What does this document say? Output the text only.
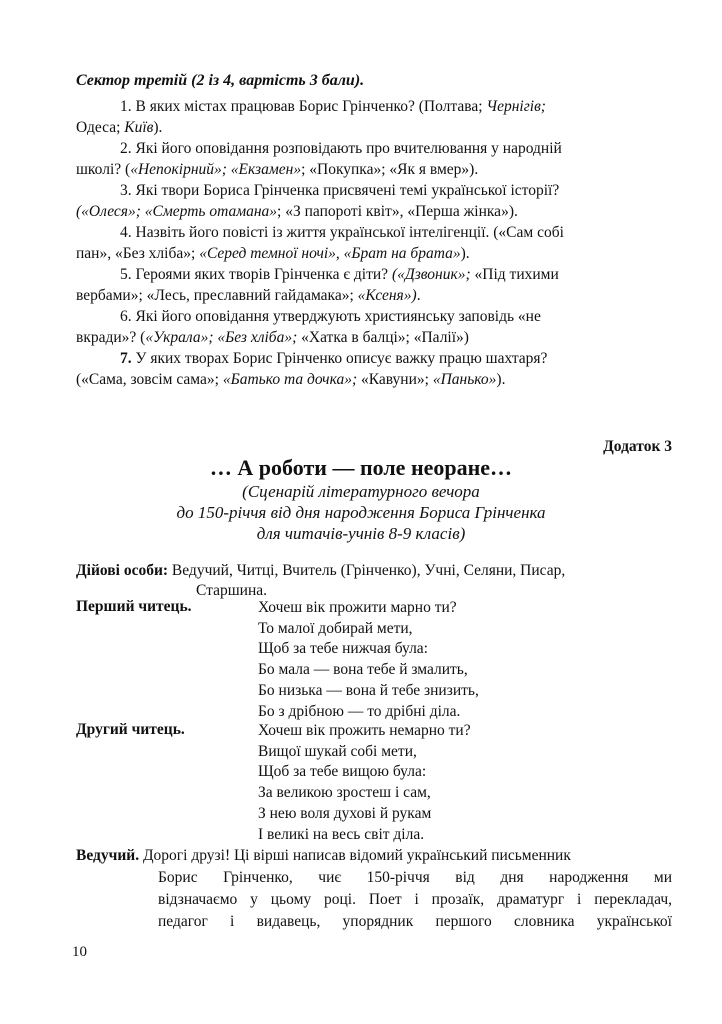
Сектор третій (2 із 4, вартість 3 бали).
1. В яких містах працював Борис Грінченко? (Полтава; Чернігів;
Одеса; Київ).
2. Які його оповідання розповідають про вчителювання у народній
школі? («Непокірний»; «Екзамен»; «Покупка»; «Як я вмер»).
3. Які твори Бориса Грінченка присвячені темі української історії?
(«Олеся»; «Смерть отамана»; «З папороті квіт», «Перша жінка»).
4. Назвіть його повісті із життя української інтелігенції. («Сам собі
пан», «Без хліба»; «Серед темної ночі», «Брат на брата»).
5. Героями яких творів Грінченка є діти? («Дзвоник»; «Під тихими
вербами»; «Лесь, преславний гайдамака»; «Ксеня»).
6. Які його оповідання утверджують християнську заповідь «не
вкради»? («Украла»; «Без хліба»; «Хатка в балці»; «Палії»)
7. У яких творах Борис Грінченко описує важку працю шахтаря?
(«Сама, зовсім сама»; «Батько та дочка»; «Кавуни»; «Панько»).
Додаток 3
… А роботи — поле неоране…
(Сценарій літературного вечора
до 150-річчя від дня народження Бориса Грінченка
для читачів-учнів 8-9 класів)
Дійові особи: Ведучий, Читці, Вчитель (Грінченко), Учні, Селяни, Писар,
Старшина.
Перший читець.	Хочеш вік прожити марно ти?
То малої добирай мети,
Щоб за тебе нижчая була:
Бо мала — вона тебе й змалить,
Бо низька — вона й тебе знизить,
Бо з дрібною — то дрібні діла.
Другий читець.	Хочеш вік прожить немарно ти?
Вищої шукай собі мети,
Щоб за тебе вищою була:
За великою зростеш і сам,
З нею воля духові й рукам
І великі на весь світ діла.
Ведучий. Дорогі друзі! Ці вірші написав відомий український письменник
Борис Грінченко, чиє 150-річчя від дня народження ми
відзначаємо у цьому році. Поет і прозаїк, драматург і перекладач,
педагог і видавець, упорядник першого словника української
10
